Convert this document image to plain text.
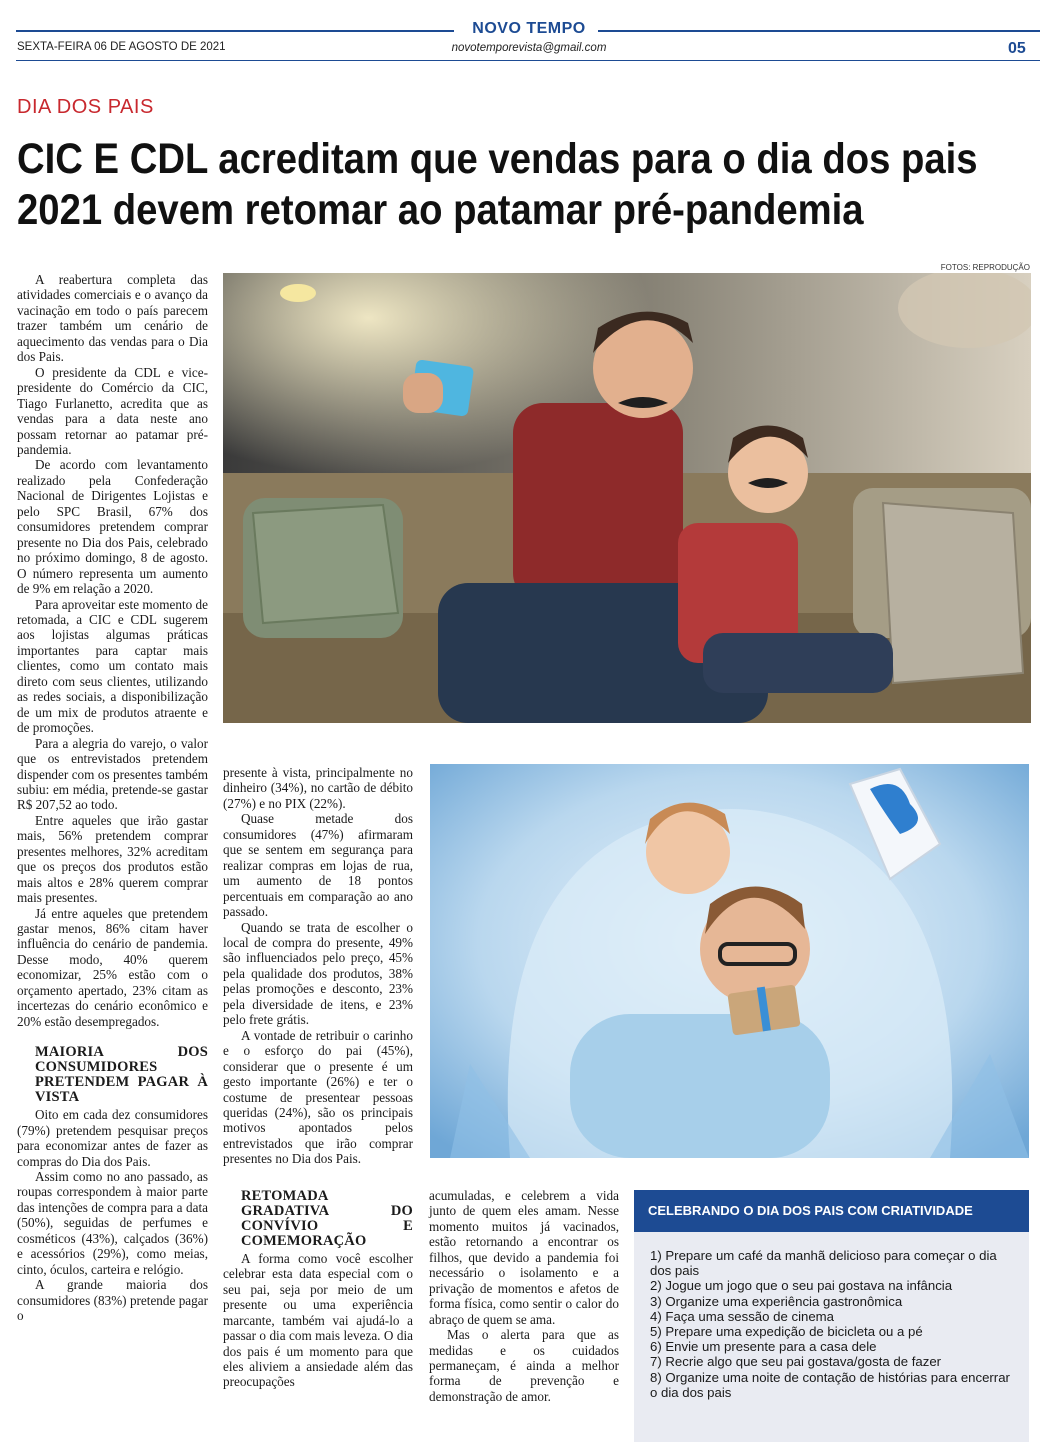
NOVO TEMPO
SEXTA-FEIRA 06 DE AGOSTO DE 2021	novotemporevista@gmail.com	05
DIA DOS PAIS
CIC E CDL acreditam que vendas para o dia dos pais
2021 devem retomar ao patamar pré-pandemia
FOTOS: REPRODUÇÃO

A reabertura completa das atividades comerciais e o avanço da vacinação em todo o país parecem trazer também um cenário de aquecimento das vendas para o Dia dos Pais.

O presidente da CDL e vice-presidente do Comércio da CIC, Tiago Furlanetto, acredita que as vendas para a data neste ano possam retornar ao patamar pré-pandemia.

De acordo com levantamento realizado pela Confederação Nacional de Dirigentes Lojistas e pelo SPC Brasil, 67% dos consumidores pretendem comprar presente no Dia dos Pais, celebrado no próximo domingo, 8 de agosto. O número representa um aumento de 9% em relação a 2020.

Para aproveitar este momento de retomada, a CIC e CDL sugerem aos lojistas algumas práticas importantes para captar mais clientes, como um contato mais direto com seus clientes, utilizando as redes sociais, a disponibilização de um mix de produtos atraente e de promoções.

Para a alegria do varejo, o valor que os entrevistados pretendem dispender com os presentes também subiu: em média, pretende-se gastar R$ 207,52 ao todo.

Entre aqueles que irão gastar mais, 56% pretendem comprar presentes melhores, 32% acreditam que os preços dos produtos estão mais altos e 28% querem comprar mais presentes.

Já entre aqueles que pretendem gastar menos, 86% citam haver influência do cenário de pandemia. Desse modo, 40% querem economizar, 25% estão com o orçamento apertado, 23% citam as incertezas do cenário econômico e 20% estão desempregados.

MAIORIA DOS CONSUMIDORES PRETENDEM PAGAR À VISTA

Oito em cada dez consumidores (79%) pretendem pesquisar preços para economizar antes de fazer as compras do Dia dos Pais.

Assim como no ano passado, as roupas correspondem à maior parte das intenções de compra para a data (50%), seguidas de perfumes e cosméticos (43%), calçados (36%) e acessórios (29%), como meias, cinto, óculos, carteira e relógio.

A grande maioria dos consumidores (83%) pretende pagar o

presente à vista, principalmente no dinheiro (34%), no cartão de débito (27%) e no PIX (22%).

Quase metade dos consumidores (47%) afirmaram que se sentem em segurança para realizar compras em lojas de rua, um aumento de 18 pontos percentuais em comparação ao ano passado.

Quando se trata de escolher o local de compra do presente, 49% são influenciados pelo preço, 45% pela qualidade dos produtos, 38% pelas promoções e desconto, 23% pela diversidade de itens, e 23% pelo frete grátis.

A vontade de retribuir o carinho e o esforço do pai (45%), considerar que o presente é um gesto importante (26%) e ter o costume de presentear pessoas queridas (24%), são os principais motivos apontados pelos entrevistados que irão comprar presentes no Dia dos Pais.

RETOMADA GRADATIVA DO CONVÍVIO E COMEMORAÇÃO

A forma como você escolher celebrar esta data especial com o seu pai, seja por meio de um presente ou uma experiência marcante, também vai ajudá-lo a passar o dia com mais leveza. O dia dos pais é um momento para que eles aliviem a ansiedade além das preocupações

acumuladas, e celebrem a vida junto de quem eles amam. Nesse momento muitos já vacinados, estão retornando a encontrar os filhos, que devido a pandemia foi necessário o isolamento e a privação de momentos e afetos de forma física, como sentir o calor do abraço de quem se ama.

Mas o alerta para que as medidas e os cuidados permaneçam, é ainda a melhor forma de prevenção e demonstração de amor.

CELEBRANDO O DIA DOS PAIS COM CRIATIVIDADE
1) Prepare um café da manhã delicioso para começar o dia dos pais
2) Jogue um jogo que o seu pai gostava na infância
3) Organize uma experiência gastronômica
4) Faça uma sessão de cinema
5) Prepare uma expedição de bicicleta ou a pé
6) Envie um presente para a casa dele
7) Recrie algo que seu pai gostava/gosta de fazer
8) Organize uma noite de contação de histórias para encerrar o dia dos pais
